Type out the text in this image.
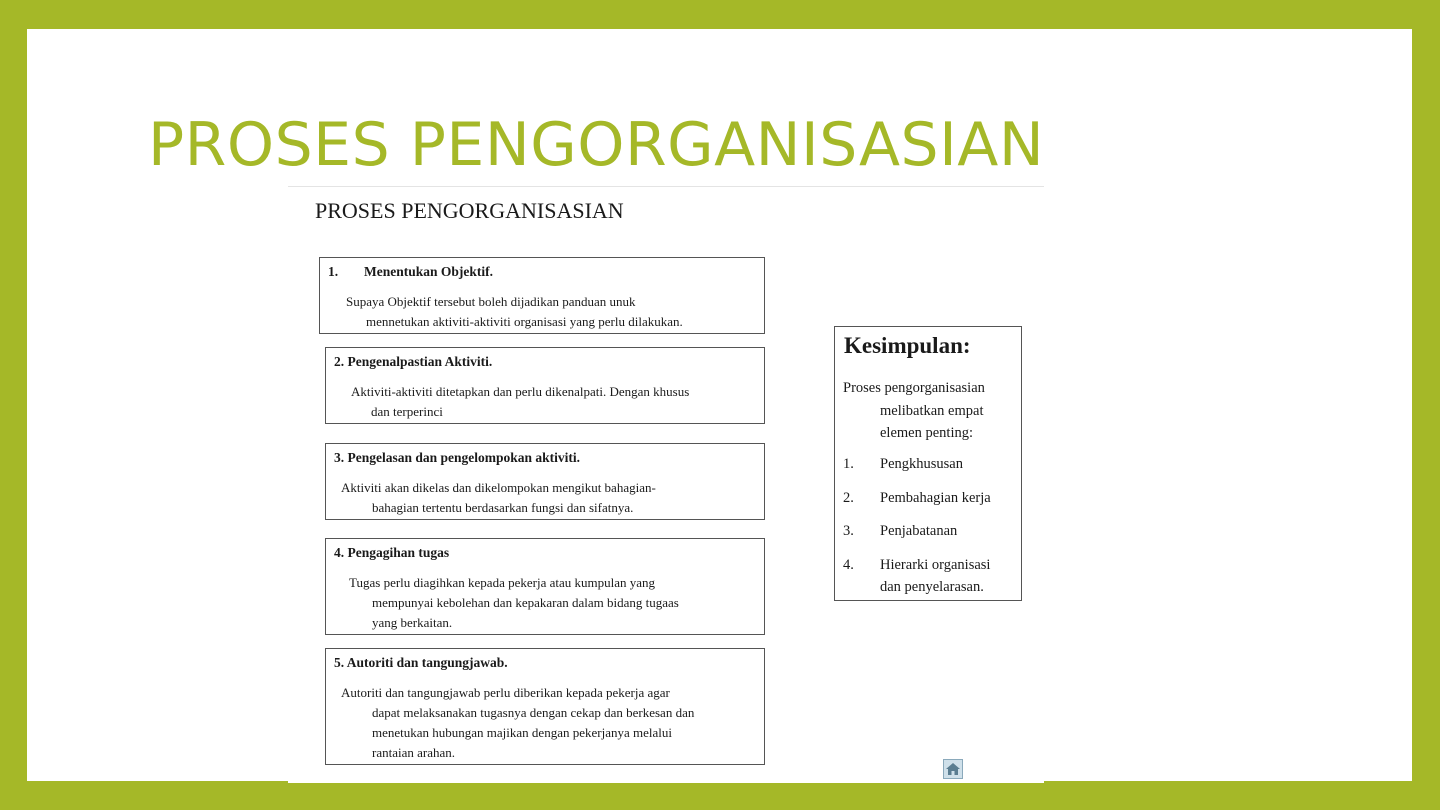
PROSES PENGORGANISASIAN
PROSES PENGORGANISASIAN
1. Menentukan Objektif.
Supaya Objektif tersebut boleh dijadikan panduan unuk
mennetukan aktiviti-aktiviti organisasi yang perlu dilakukan.
2. Pengenalpastian Aktiviti.
Aktiviti-aktiviti ditetapkan dan perlu dikenalpati. Dengan khusus
dan terperinci
3. Pengelasan dan pengelompokan aktiviti.
Aktiviti akan dikelas dan dikelompokan mengikut bahagian-
bahagian tertentu berdasarkan fungsi dan sifatnya.
4. Pengagihan tugas
Tugas perlu diagihkan kepada pekerja atau kumpulan yang
mempunyai kebolehan dan kepakaran dalam bidang tugaas
yang berkaitan.
5. Autoriti dan tangungjawab.
Autoriti dan tangungjawab perlu diberikan kepada pekerja agar
dapat melaksanakan tugasnya dengan cekap dan berkesan dan
menetukan hubungan majikan dengan pekerjanya melalui
rantaian arahan.
Kesimpulan:
Proses pengorganisasian
melibatkan empat
elemen penting:
1.	Pengkhususan
2.	Pembahagian kerja
3.	Penjabatanan
4.	Hierarki organisasi
dan penyelarasan.
